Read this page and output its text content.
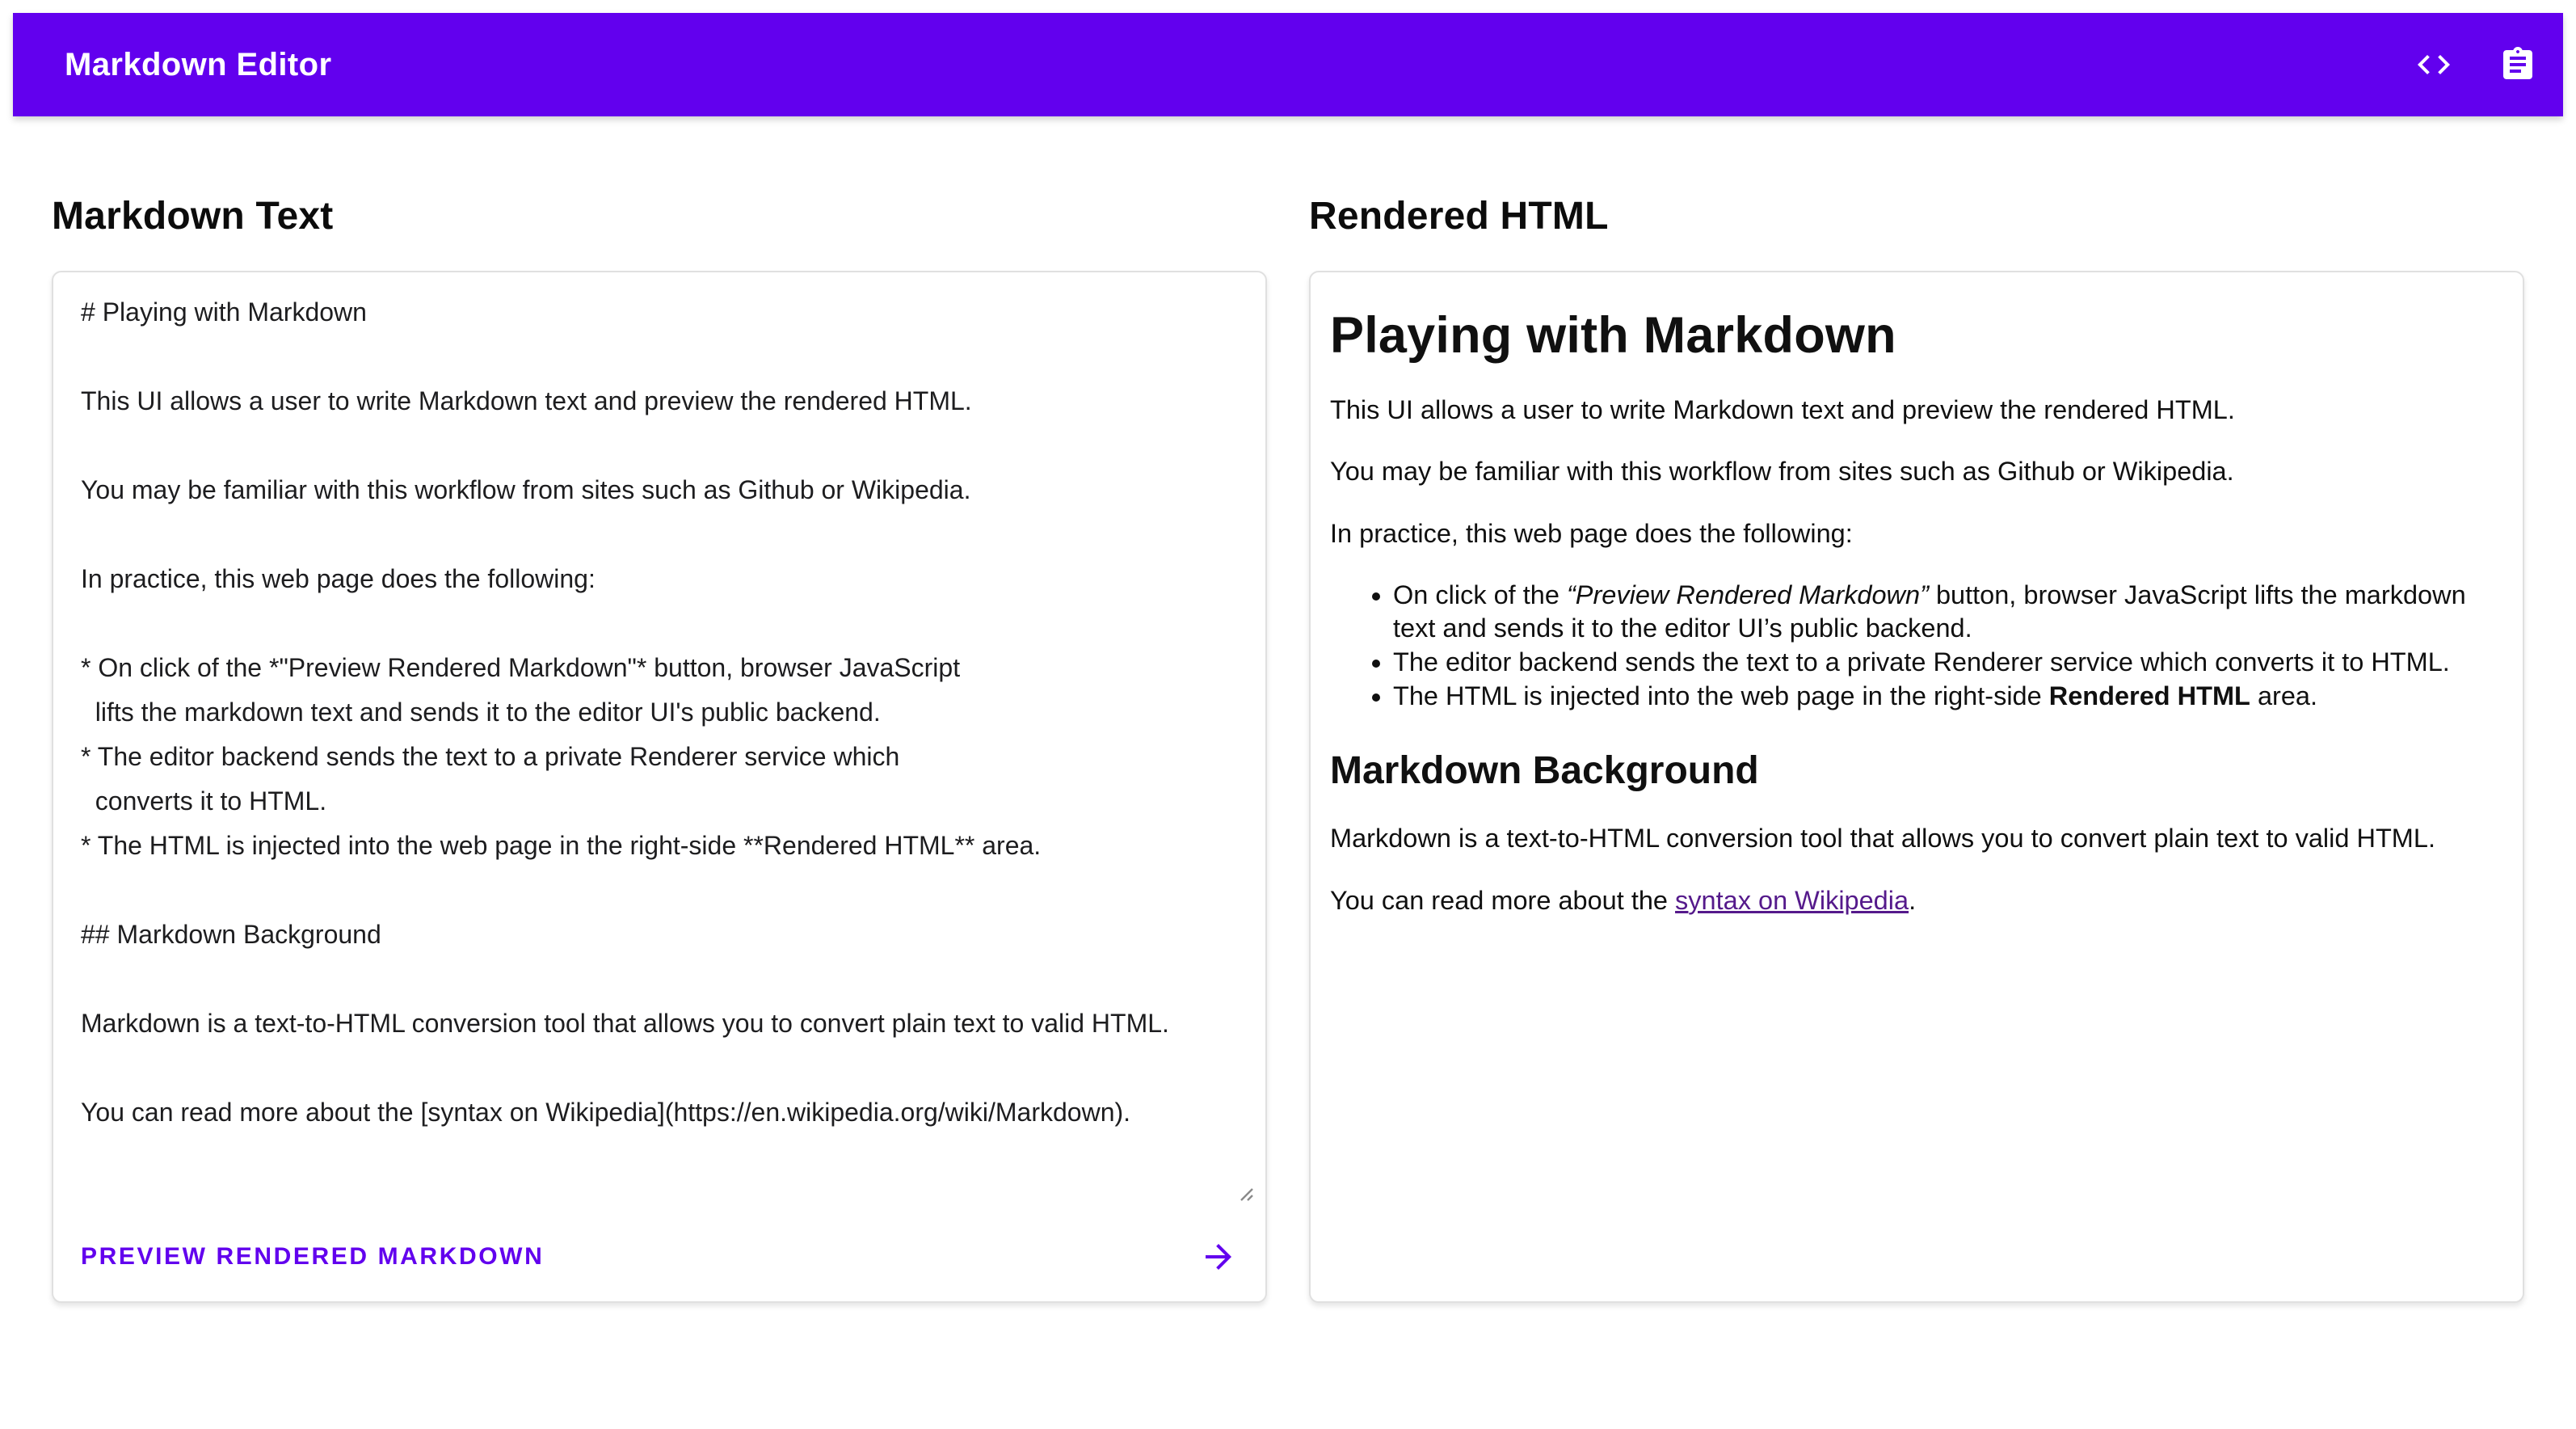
Markdown Editor
Markdown Text
# Playing with Markdown This UI allows a user to write Markdown text and preview the rendered HTML. You may be familiar with this workflow from sites such as Github or Wikipedia. In practice, this web page does the following: * On click of the *"Preview Rendered Markdown"* button, browser JavaScript lifts the markdown text and sends it to the editor UI's public backend. * The editor backend sends the text to a private Renderer service which converts it to HTML. * The HTML is injected into the web page in the right-side **Rendered HTML** area. ## Markdown Background Markdown is a text-to-HTML conversion tool that allows you to convert plain text to valid HTML. You can read more about the [syntax on Wikipedia](https://en.wikipedia.org/wiki/Markdown).
PREVIEW RENDERED MARKDOWN
Rendered HTML
Playing with Markdown

This UI allows a user to write Markdown text and preview the rendered HTML.

You may be familiar with this workflow from sites such as Github or Wikipedia.

In practice, this web page does the following:

• On click of the “Preview Rendered Markdown” button, browser JavaScript lifts the markdown text and sends it to the editor UI’s public backend.
• The editor backend sends the text to a private Renderer service which converts it to HTML.
• The HTML is injected into the web page in the right-side Rendered HTML area.
Markdown Background

Markdown is a text-to-HTML conversion tool that allows you to convert plain text to valid HTML.

You can read more about the syntax on Wikipedia.
